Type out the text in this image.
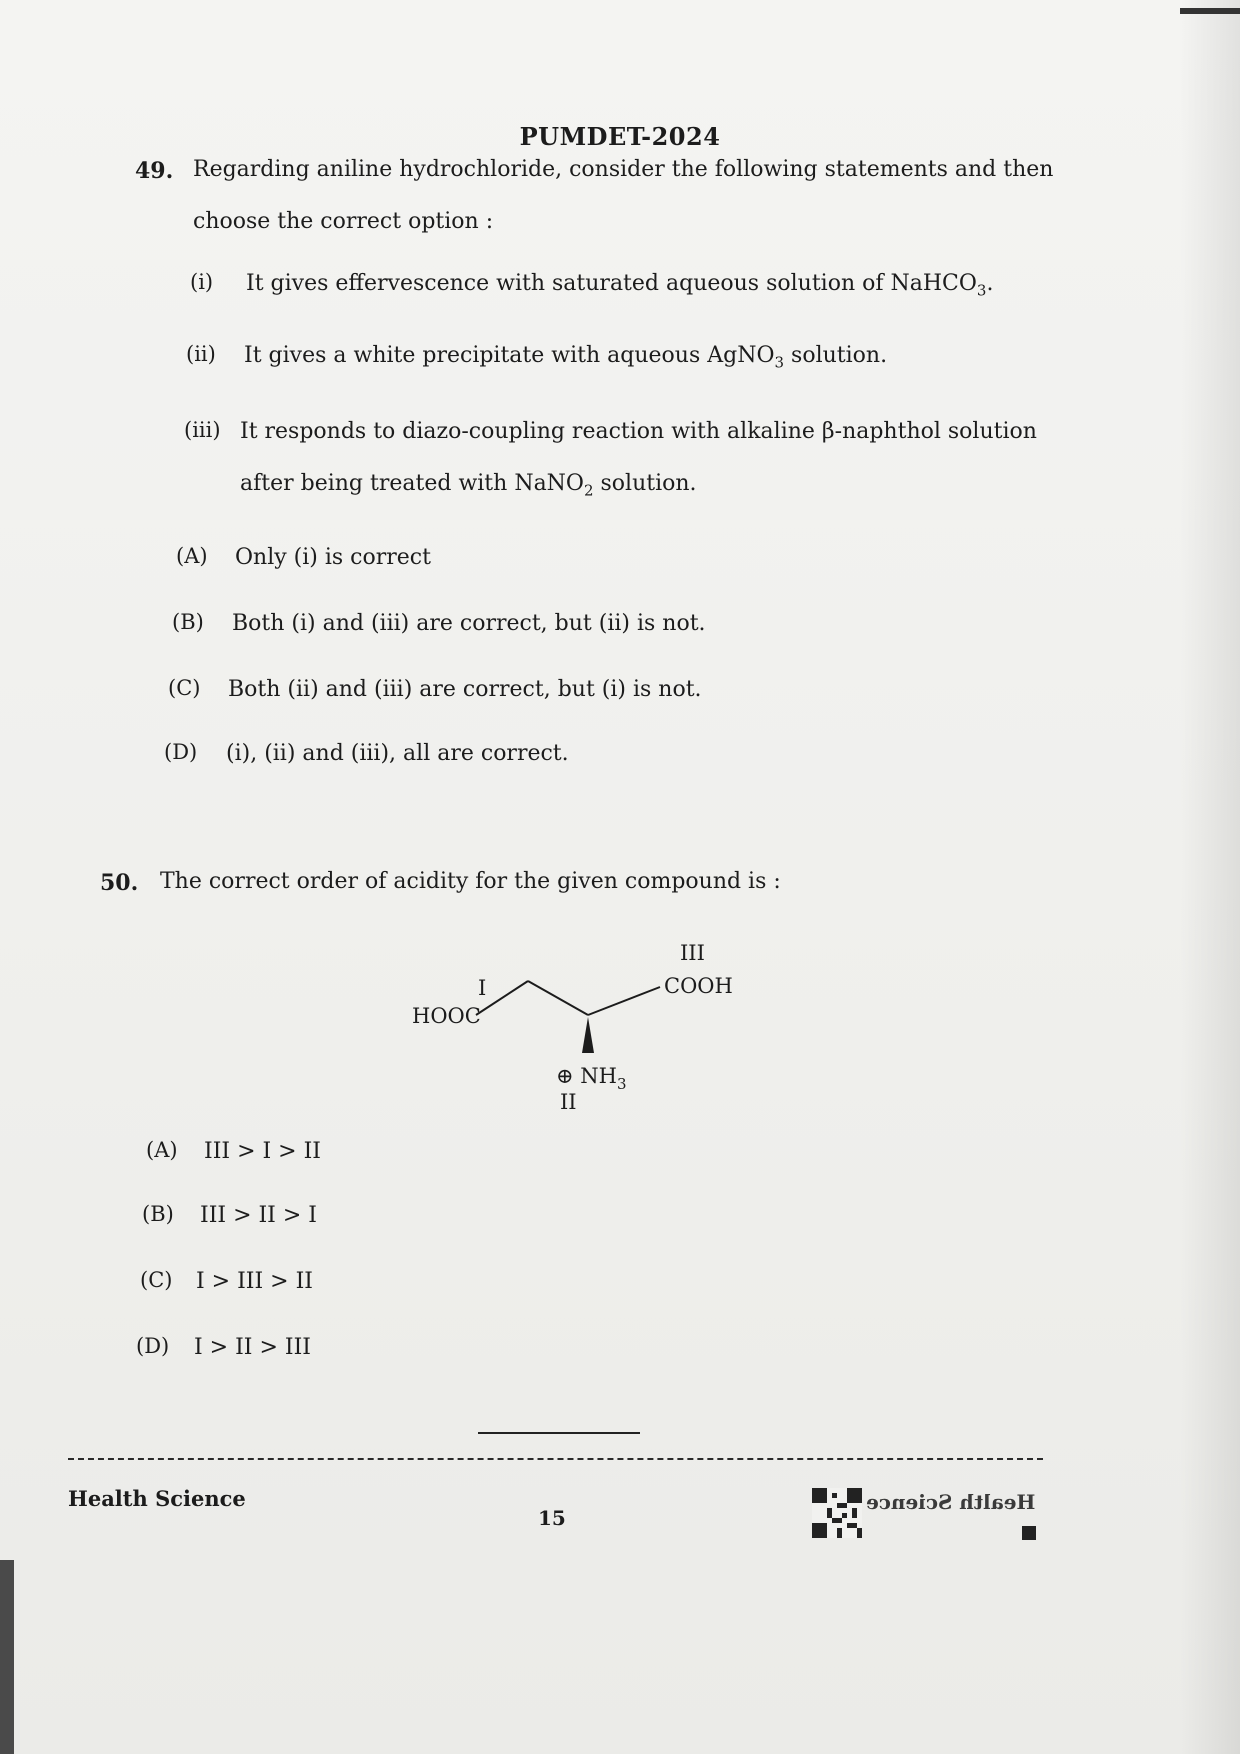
PUMDET-2024
49. Regarding aniline hydrochloride, consider the following statements and then
choose the correct option :
(i) It gives effervescence with saturated aqueous solution of NaHCO$_3$.
(ii) It gives a white precipitate with aqueous AgNO$_3$ solution.
(iii) It responds to diazo-coupling reaction with alkaline β-naphthol solution
after being treated with NaNO$_2$ solution.
(A) Only (i) is correct
(B) Both (i) and (iii) are correct, but (ii) is not.
(C) Both (ii) and (iii) are correct, but (i) is not.
(D) (i), (ii) and (iii), all are correct.
50. The correct order of acidity for the given compound is :
I
III
HOOC
COOH
⊕ $NH_3$
II
(A) III > I > II
(B) III > II > I
(C) I > III > II
(D) I > II > III
Health Science
15
Health Science
